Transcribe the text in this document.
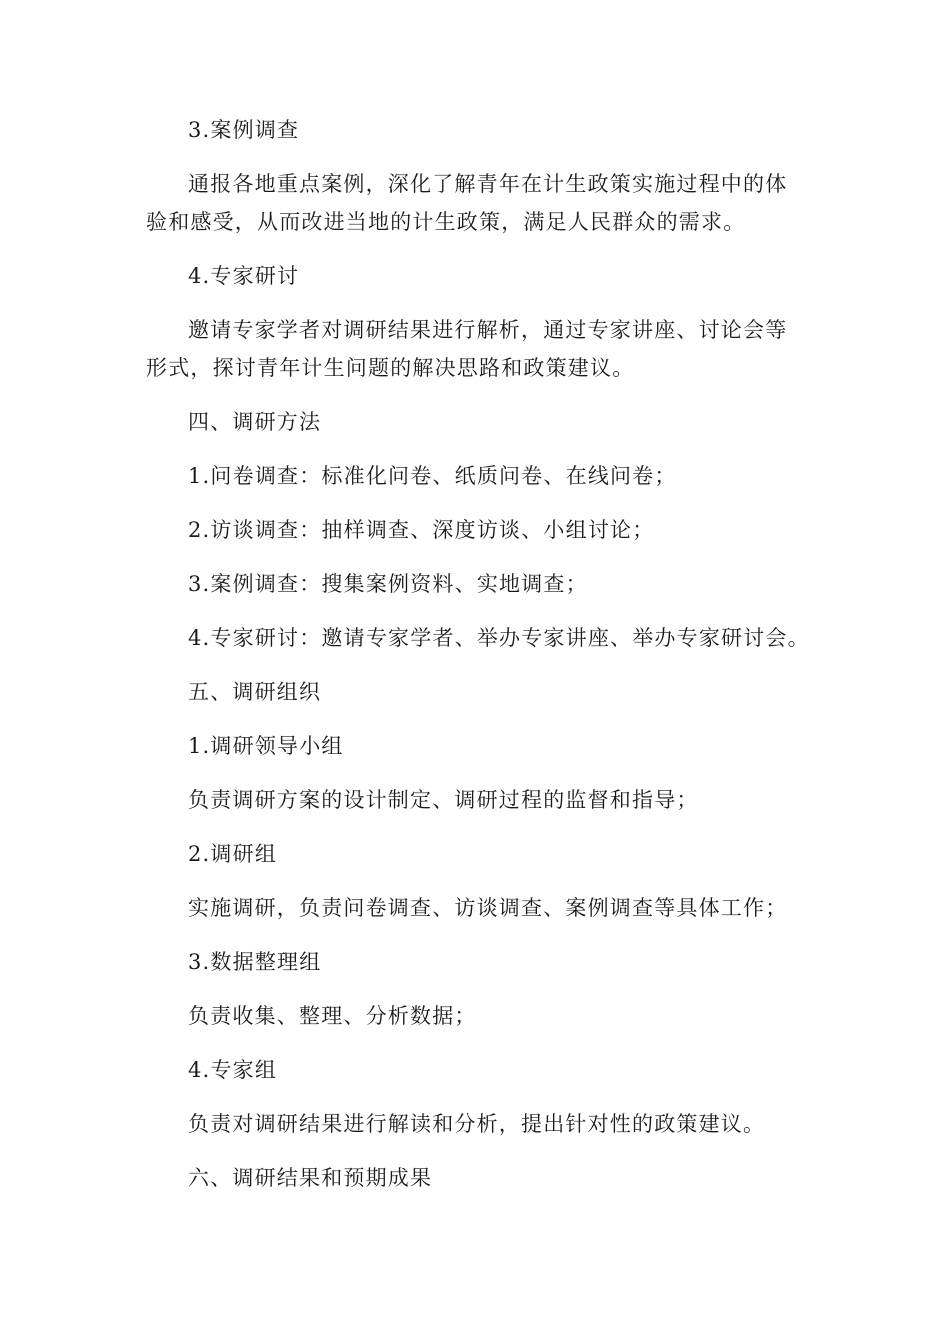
3.案例调查
通报各地重点案例，深化了解青年在计生政策实施过程中的体
验和感受，从而改进当地的计生政策，满足人民群众的需求。
4.专家研讨
邀请专家学者对调研结果进行解析，通过专家讲座、讨论会等
形式，探讨青年计生问题的解决思路和政策建议。
四、调研方法
1.问卷调查：标准化问卷、纸质问卷、在线问卷；
2.访谈调查：抽样调查、深度访谈、小组讨论；
3.案例调查：搜集案例资料、实地调查；
4.专家研讨：邀请专家学者、举办专家讲座、举办专家研讨会。
五、调研组织
1.调研领导小组
负责调研方案的设计制定、调研过程的监督和指导；
2.调研组
实施调研，负责问卷调查、访谈调查、案例调查等具体工作；
3.数据整理组
负责收集、整理、分析数据；
4.专家组
负责对调研结果进行解读和分析，提出针对性的政策建议。
六、调研结果和预期成果
